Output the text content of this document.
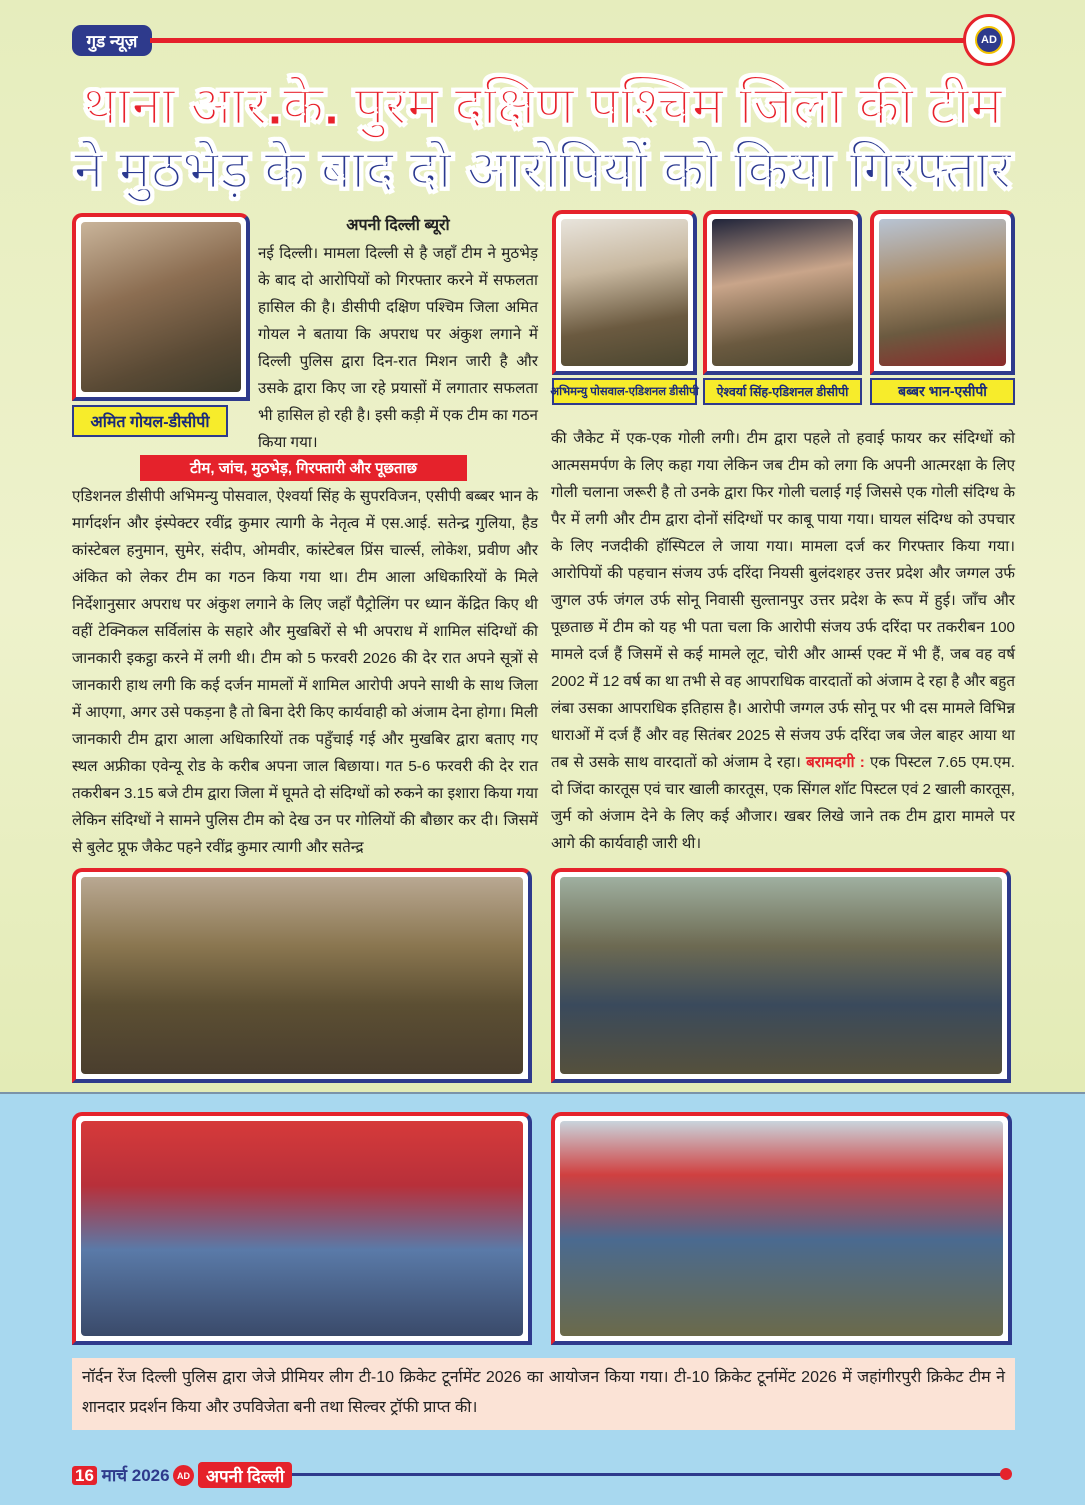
गुड न्यूज़	AD
थाना आर.के. पुरम दक्षिण पश्चिम जिला की टीम
ने मुठभेड़ के बाद दो आरोपियों को किया गिरफ्तार
अमित गोयल-डीसीपी
अपनी दिल्ली ब्यूरो
नई दिल्ली। मामला दिल्ली से है जहाँ टीम ने मुठभेड़ के बाद दो आरोपियों को गिरफ्तार करने में सफलता हासिल की है। डीसीपी दक्षिण पश्चिम जिला अमित गोयल ने बताया कि अपराध पर अंकुश लगाने में दिल्ली पुलिस द्वारा दिन-रात मिशन जारी है और उसके द्वारा किए जा रहे प्रयासों में लगातार सफलता भी हासिल हो रही है। इसी कड़ी में एक टीम का गठन किया गया।
अभिमन्यु पोसवाल-एडिशनल डीसीपी	ऐश्वर्या सिंह-एडिशनल डीसीपी	बब्बर भान-एसीपी
टीम, जांच, मुठभेड़, गिरफ्तारी और पूछताछ
एडिशनल डीसीपी अभिमन्यु पोसवाल, ऐश्वर्या सिंह के सुपरविजन, एसीपी बब्बर भान के मार्गदर्शन और इंस्पेक्टर रवींद्र कुमार त्यागी के नेतृत्व में एस.आई. सतेन्द्र गुलिया, हैड कांस्टेबल हनुमान, सुमेर, संदीप, ओमवीर, कांस्टेबल प्रिंस चार्ल्स, लोकेश, प्रवीण और अंकित को लेकर टीम का गठन किया गया था। टीम आला अधिकारियों के मिले निर्देशानुसार अपराध पर अंकुश लगाने के लिए जहाँ पैट्रोलिंग पर ध्यान केंद्रित किए थी वहीं टेक्निकल सर्विलांस के सहारे और मुखबिरों से भी अपराध में शामिल संदिग्धों की जानकारी इकट्ठा करने में लगी थी। टीम को 5 फरवरी 2026 की देर रात अपने सूत्रों से जानकारी हाथ लगी कि कई दर्जन मामलों में शामिल आरोपी अपने साथी के साथ जिला में आएगा, अगर उसे पकड़ना है तो बिना देरी किए कार्यवाही को अंजाम देना होगा। मिली जानकारी टीम द्वारा आला अधिकारियों तक पहुँचाई गई और मुखबिर द्वारा बताए गए स्थल अफ्रीका एवेन्यू रोड के करीब अपना जाल बिछाया। गत 5-6 फरवरी की देर रात तकरीबन 3.15 बजे टीम द्वारा जिला में घूमते दो संदिग्धों को रुकने का इशारा किया गया लेकिन संदिग्धों ने सामने पुलिस टीम को देख उन पर गोलियों की बौछार कर दी। जिसमें से बुलेट प्रूफ जैकेट पहने रवींद्र कुमार त्यागी और सतेन्द्र
की जैकेट में एक-एक गोली लगी। टीम द्वारा पहले तो हवाई फायर कर संदिग्धों को आत्मसमर्पण के लिए कहा गया लेकिन जब टीम को लगा कि अपनी आत्मरक्षा के लिए गोली चलाना जरूरी है तो उनके द्वारा फिर गोली चलाई गई जिससे एक गोली संदिग्ध के पैर में लगी और टीम द्वारा दोनों संदिग्धों पर काबू पाया गया। घायल संदिग्ध को उपचार के लिए नजदीकी हॉस्पिटल ले जाया गया। मामला दर्ज कर गिरफ्तार किया गया। आरोपियों की पहचान संजय उर्फ दरिंदा नियसी बुलंदशहर उत्तर प्रदेश और जग्गल उर्फ जुगल उर्फ जंगल उर्फ सोनू निवासी सुल्तानपुर उत्तर प्रदेश के रूप में हुई। जाँच और पूछताछ में टीम को यह भी पता चला कि आरोपी संजय उर्फ दरिंदा पर तकरीबन 100 मामले दर्ज हैं जिसमें से कई मामले लूट, चोरी और आर्म्स एक्ट में भी हैं, जब वह वर्ष 2002 में 12 वर्ष का था तभी से वह आपराधिक वारदातों को अंजाम दे रहा है और बहुत लंबा उसका आपराधिक इतिहास है। आरोपी जग्गल उर्फ सोनू पर भी दस मामले विभिन्न धाराओं में दर्ज हैं और वह सितंबर 2025 से संजय उर्फ दरिंदा जब जेल बाहर आया था तब से उसके साथ वारदातों को अंजाम दे रहा। बरामदगी : एक पिस्टल 7.65 एम.एम. दो जिंदा कारतूस एवं चार खाली कारतूस, एक सिंगल शॉट पिस्टल एवं 2 खाली कारतूस, जुर्म को अंजाम देने के लिए कई औजार। खबर लिखे जाने तक टीम द्वारा मामले पर आगे की कार्यवाही जारी थी।
नॉर्दन रेंज दिल्ली पुलिस द्वारा जेजे प्रीमियर लीग टी-10 क्रिकेट टूर्नामेंट 2026 का आयोजन किया गया। टी-10 क्रिकेट टूर्नामेंट 2026 में जहांगीरपुरी क्रिकेट टीम ने शानदार प्रदर्शन किया और उपविजेता बनी तथा सिल्वर ट्रॉफी प्राप्त की।
16 मार्च 2026 AD अपनी दिल्ली
